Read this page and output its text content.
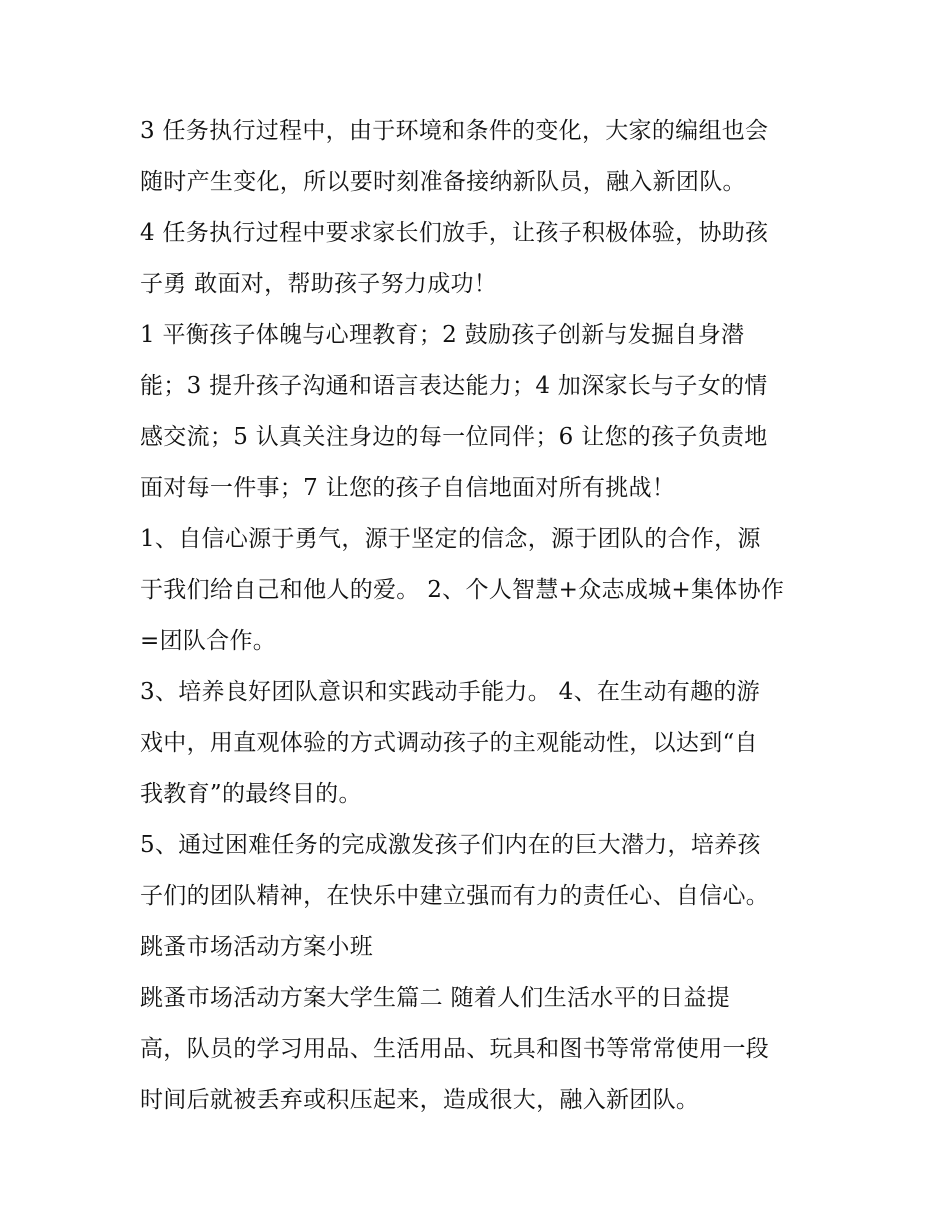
3 任务执行过程中，由于环境和条件的变化，大家的编组也会
随时产生变化，所以要时刻准备接纳新队员，融入新团队。
4 任务执行过程中要求家长们放手，让孩子积极体验，协助孩
子勇 敢面对，帮助孩子努力成功！
1 平衡孩子体魄与心理教育；2 鼓励孩子创新与发掘自身潜
能；3 提升孩子沟通和语言表达能力；4 加深家长与子女的情
感交流；5 认真关注身边的每一位同伴；6 让您的孩子负责地
面对每一件事；7 让您的孩子自信地面对所有挑战！
1、自信心源于勇气，源于坚定的信念，源于团队的合作，源
于我们给自己和他人的爱。 2、个人智慧+众志成城+集体协作
=团队合作。
3、培养良好团队意识和实践动手能力。 4、在生动有趣的游
戏中，用直观体验的方式调动孩子的主观能动性，以达到“自
我教育”的最终目的。
5、通过困难任务的完成激发孩子们内在的巨大潜力，培养孩
子们的团队精神，在快乐中建立强而有力的责任心、自信心。
跳蚤市场活动方案小班
跳蚤市场活动方案大学生篇二 随着人们生活水平的日益提
高，队员的学习用品、生活用品、玩具和图书等常常使用一段
时间后就被丢弃或积压起来，造成很大，融入新团队。
